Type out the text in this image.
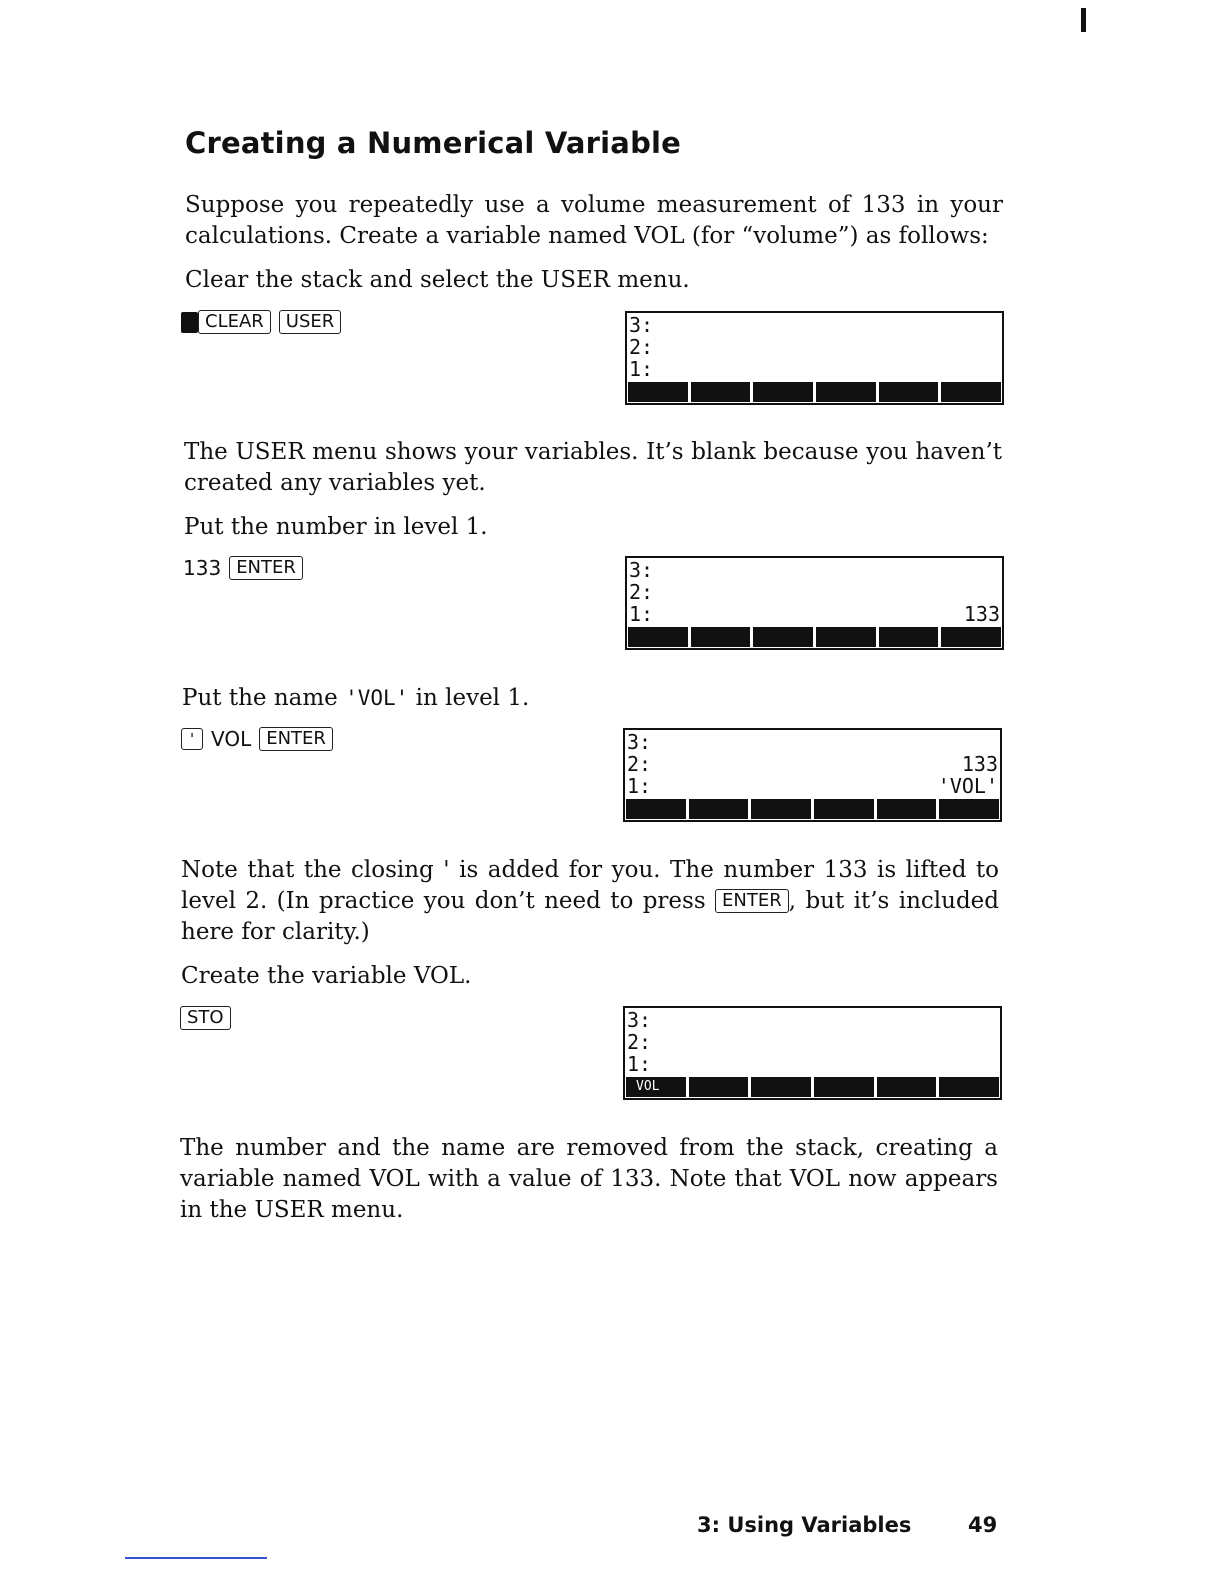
Creating a Numerical Variable

Suppose you repeatedly use a volume measurement of 133 in your calculations. Create a variable named VOL (for “volume”) as follows:

Clear the stack and select the USER menu.

CLEAR	USER	3:
2:
1:

The USER menu shows your variables. It’s blank because you haven’t created any variables yet.

Put the number in level 1.

133 ENTER	3:
2:
1:	133

Put the name 'VOL' in level 1.

' VOL ENTER	3:
2:	133
1:	'VOL'

Note that the closing ' is added for you. The number 133 is lifted to level 2. (In practice you don’t need to press ENTER , but it’s included here for clarity.)

Create the variable VOL.

STO	3:
2:
1:
VOL

The number and the name are removed from the stack, creating a variable named VOL with a value of 133. Note that VOL now appears in the USER menu.

3: Using Variables	49
